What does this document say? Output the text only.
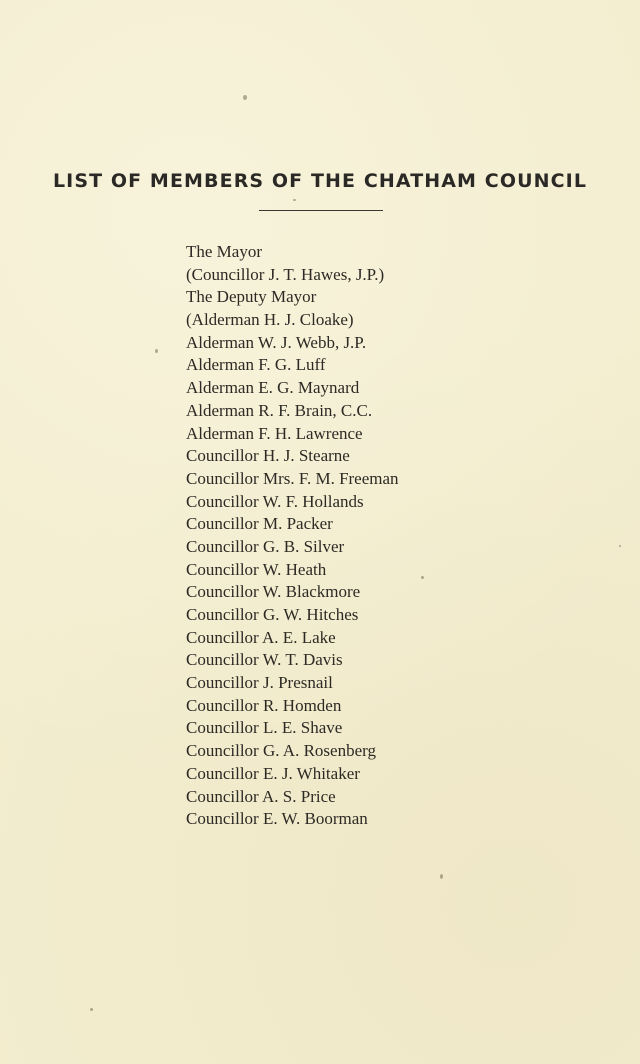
LIST OF MEMBERS OF THE CHATHAM COUNCIL
The Mayor
(Councillor J. T. Hawes, J.P.)
The Deputy Mayor
(Alderman H. J. Cloake)
Alderman W. J. Webb, J.P.
Alderman F. G. Luff
Alderman E. G. Maynard
Alderman R. F. Brain, C.C.
Alderman F. H. Lawrence
Councillor H. J. Stearne
Councillor Mrs. F. M. Freeman
Councillor W. F. Hollands
Councillor M. Packer
Councillor G. B. Silver
Councillor W. Heath
Councillor W. Blackmore
Councillor G. W. Hitches
Councillor A. E. Lake
Councillor W. T. Davis
Councillor J. Presnail
Councillor R. Homden
Councillor L. E. Shave
Councillor G. A. Rosenberg
Councillor E. J. Whitaker
Councillor A. S. Price
Councillor E. W. Boorman
